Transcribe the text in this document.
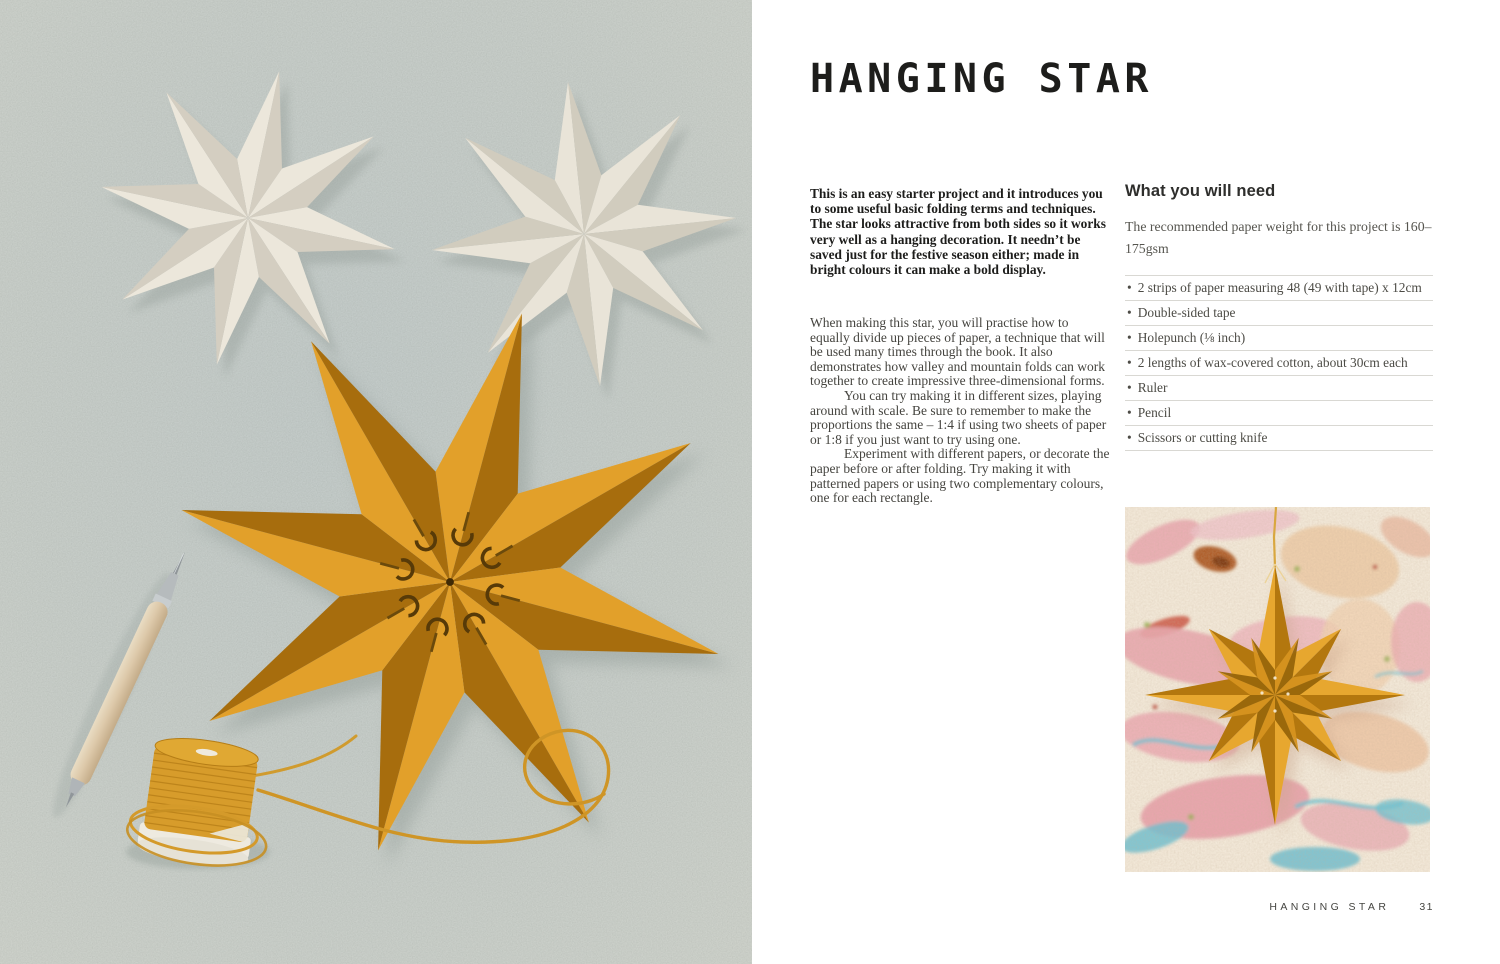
HANGING STAR

This is an easy starter project and it introduces you to some useful basic folding terms and techniques. The star looks attractive from both sides so it works very well as a hanging decoration. It needn’t be saved just for the festive season either; made in bright colours it can make a bold display.

When making this star, you will practise how to equally divide up pieces of paper, a technique that will be used many times through the book. It also demonstrates how valley and mountain folds can work together to create impressive three-dimensional forms.

You can try making it in different sizes, playing around with scale. Be sure to remember to make the proportions the same – 1:4 if using two sheets of paper or 1:8 if you just want to try using one.

Experiment with different papers, or decorate the paper before or after folding. Try making it with patterned papers or using two complementary colours, one for each rectangle.

What you will need

The recommended paper weight for this project is 160–175gsm

• 2 strips of paper measuring 48 (49 with tape) x 12cm
• Double-sided tape
• Holepunch (⅛ inch)
• 2 lengths of wax-covered cotton, about 30cm each
• Ruler
• Pencil
• Scissors or cutting knife
HANGING STAR	31
